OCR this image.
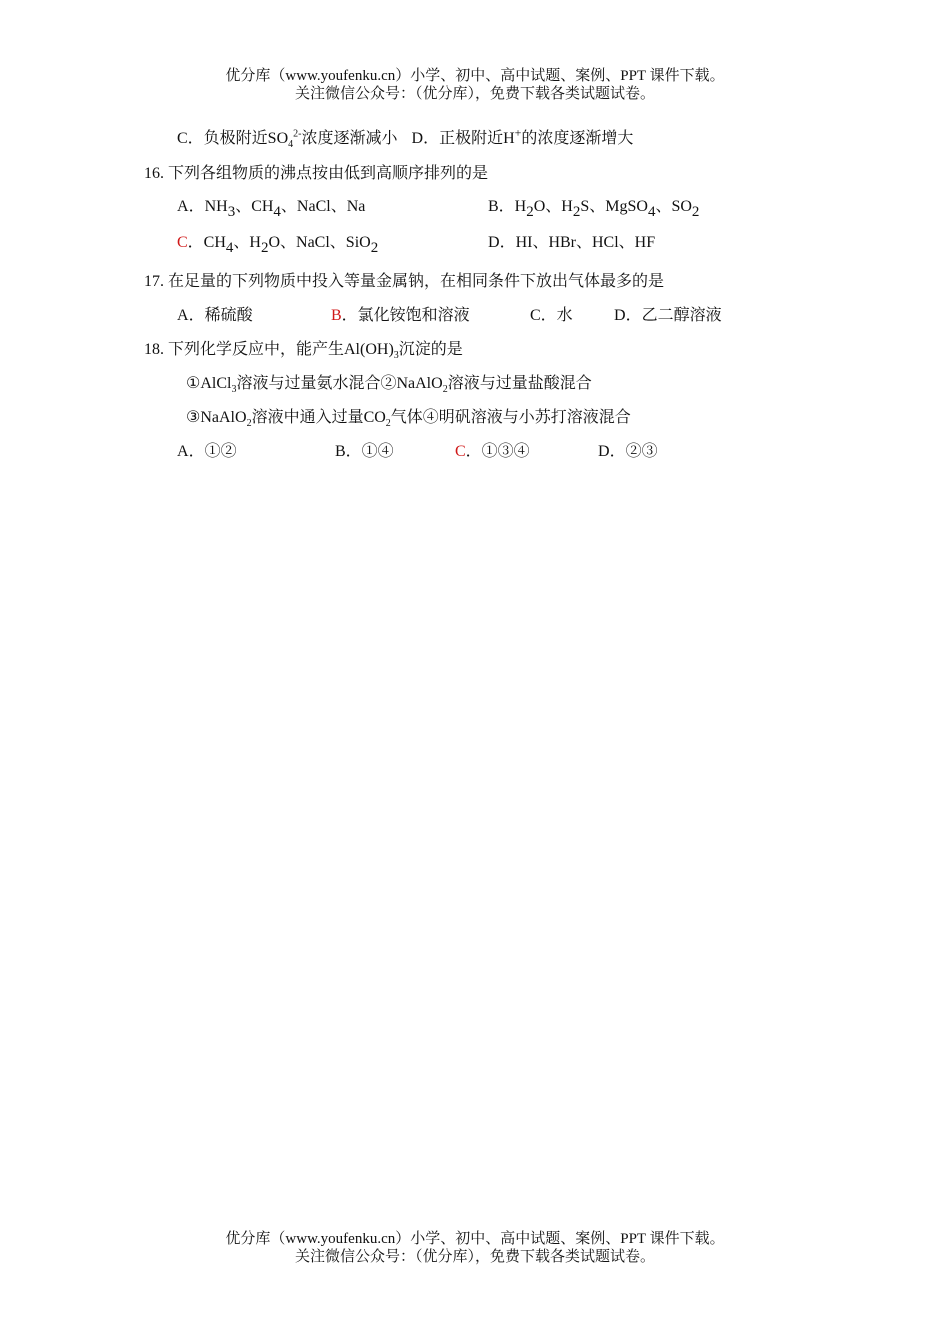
优分库（www.youfenku.cn）小学、初中、高中试题、案例、PPT 课件下载。
关注微信公众号：（优分库），免费下载各类试题试卷。
C．负极附近$SO_4^{2-}$浓度逐渐减小 D．正极附近H+的浓度逐渐增大
16. 下列各组物质的沸点按由低到高顺序排列的是
A．$NH_3$、$CH_4$、NaCl、Na	B．$H_2O$、$H_2S$、MgSO$_4$、$SO_2$
C．$CH_4$、$H_2O$、NaCl、SiO$_2$	D．HI、HBr、HCl、HF
17. 在足量的下列物质中投入等量金属钠，在相同条件下放出气体最多的是
A．稀硫酸	B．氯化铵饱和溶液	C．水	D．乙二醇溶液
18. 下列化学反应中，能产生$Al(OH)_3$沉淀的是
①AlCl$_3$溶液与过量氨水混合②NaAlO$_2$溶液与过量盐酸混合
③NaAlO$_2$溶液中通入过量$CO_2$气体④明矾溶液与小苏打溶液混合
A．①②	B．①④	C．①③④	D．②③
优分库（www.youfenku.cn）小学、初中、高中试题、案例、PPT 课件下载。
关注微信公众号：（优分库），免费下载各类试题试卷。
